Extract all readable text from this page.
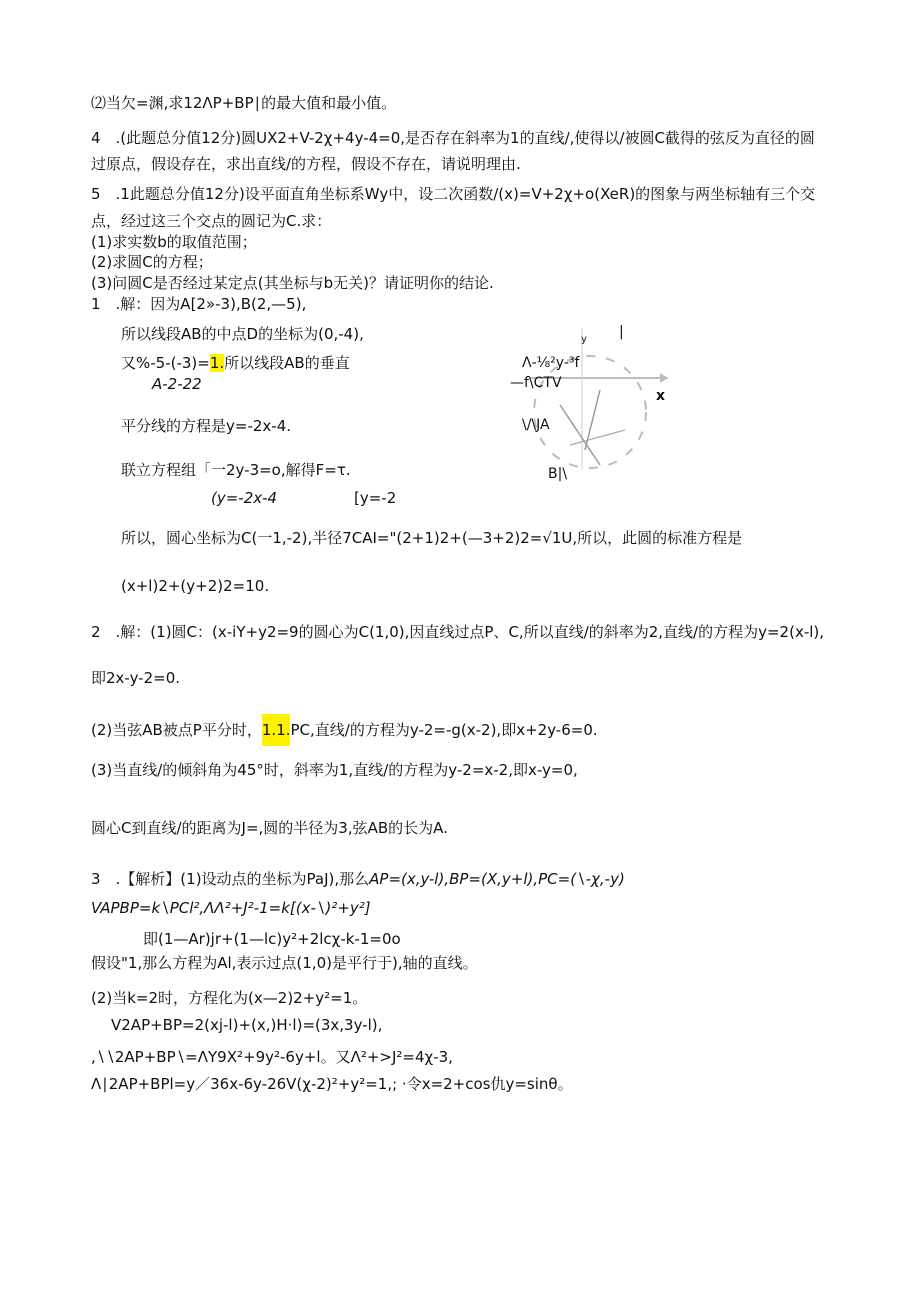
⑵当欠=渊,求12ΛP+BP∣的最大值和最小值。
4　.(此题总分值12分)圆UX2+V-2χ+4y-4=0,是否存在斜率为1的直线/,使得以/被圆C截得的弦反为直径的圆
过原点，假设存在，求出直线/的方程，假设不存在，请说明理由.
5　.1此题总分值12分)设平面直角坐标系Wy中，设二次函数/(x)=V+2χ+o(XeR)的图象与两坐标轴有三个交
点，经过这三个交点的圆记为C.求：
(1)求实数b的取值范围；
(2)求圆C的方程；
(3)问圆C是否经过某定点(其坐标与b无关)？请证明你的结论.
1　.解：因为A[2»-3),B(2,—5),
所以线段AB的中点D的坐标为(0,-4),
又%-5-(-3)=1.所以线段AB的垂直
A-2-22
平分线的方程是y=-2x-4.
联立方程组「一2y-3=o,解得F=τ.
(y=-2x-4	[y=-2
所以，圆心坐标为C(一1,-2),半径7CAI="(2+1)2+(—3+2)2=√1U,所以，此圆的标准方程是
(x+l)2+(y+2)2=10.
y |
Λ-⅛²y-³f
—f\CTV
x
\/\JA
B|\
2　.解：(1)圆C：(x-iY+y2=9的圆心为C(1,0),因直线过点P、C,所以直线/的斜率为2,直线/的方程为y=2(x-l),
即2x-y-2=0.
(2)当弦AB被点P平分时，1.1.PC,直线/的方程为y-2=-g(x-2),即x+2y-6=0.
(3)当直线/的倾斜角为45°时，斜率为1,直线/的方程为y-2=x-2,即x-y=0,
圆心C到直线/的距离为J=,圆的半径为3,弦AB的长为A.
3　.【解析】(1)设动点的坐标为PaJ),那么AP=(x,y-l),BP=(X,y+l),PC=(∖-χ,-y)
VAPBP=k∖PCl²,ΛΛ²+J²-1=k[(x-∖)²+y²]
即(1—Ar)jr+(1—lc)y²+2lcχ-k-1=0o
假设"1,那么方程为Al,表示过点(1,0)是平行于),轴的直线。
(2)当k=2时，方程化为(x—2)2+y²=1。
V2AP+BP=2(xj-l)+(x,)H·l)=(3x,3y-l),
,∖∖2AP+BP∖=ΛY9X²+9y²-6y+l。又Λ²+>J²=4χ-3,
Λ∣2AP+BPl=y／36x-6y-26V(χ-2)²+y²=1,; ·令x=2+cos仇y=sinθ。
